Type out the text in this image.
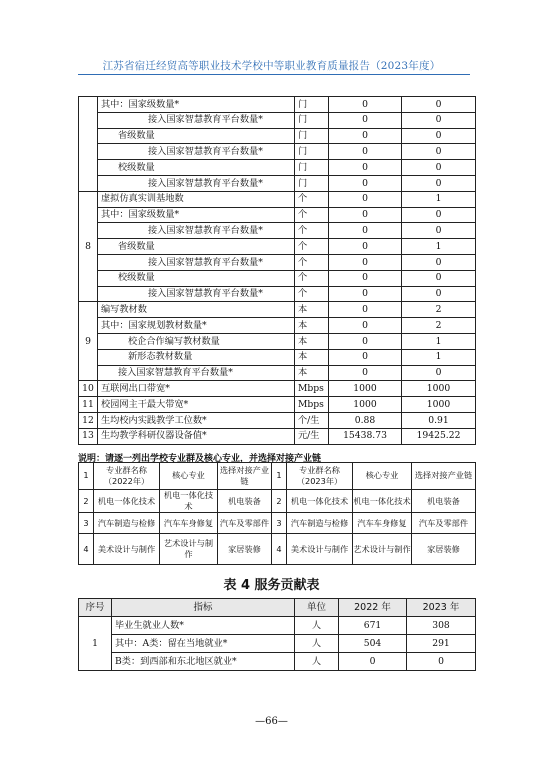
江苏省宿迁经贸高等职业技术学校中等职业教育质量报告（2023年度）
	其中：国家级数量*	门	0	0
	接入国家智慧教育平台数量*	门	0	0
	省级数量	门	0	0
	接入国家智慧教育平台数量*	门	0	0
	校级数量	门	0	0
	接入国家智慧教育平台数量*	门	0	0
8	虚拟仿真实训基地数	个	0	1
	其中：国家级数量*	个	0	0
	接入国家智慧教育平台数量*	个	0	0
	省级数量	个	0	1
	接入国家智慧教育平台数量*	个	0	0
	校级数量	个	0	0
	接入国家智慧教育平台数量*	个	0	0
9	编写教材数	本	0	2
	其中：国家规划教材数量*	本	0	2
	校企合作编写教材数量	本	0	1
	新形态教材数量	本	0	1
	接入国家智慧教育平台数量*	本	0	0
10	互联网出口带宽*	Mbps	1000	1000
11	校园网主干最大带宽*	Mbps	1000	1000
12	生均校内实践教学工位数*	个/生	0.88	0.91
13	生均教学科研仪器设备值*	元/生	15438.73	19425.22
说明：请逐一列出学校专业群及核心专业，并选择对接产业链
1	专业群名称（2022年）	核心专业	选择对接产业链	1	专业群名称（2023年）	核心专业	选择对接产业链
2	机电一体化技术	机电一体化技术	机电装备	2	机电一体化技术	机电一体化技术	机电装备
3	汽车制造与检修	汽车车身修复	汽车及零部件	3	汽车制造与检修	汽车车身修复	汽车及零部件
4	美术设计与制作	艺术设计与制作	家居装修	4	美术设计与制作	艺术设计与制作	家居装修
表 4 服务贡献表
序号	指标	单位	2022 年	2023 年
1	毕业生就业人数*	人	671	308
	其中：A类：留在当地就业*	人	504	291
	B类：到西部和东北地区就业*	人	0	0
—66—
